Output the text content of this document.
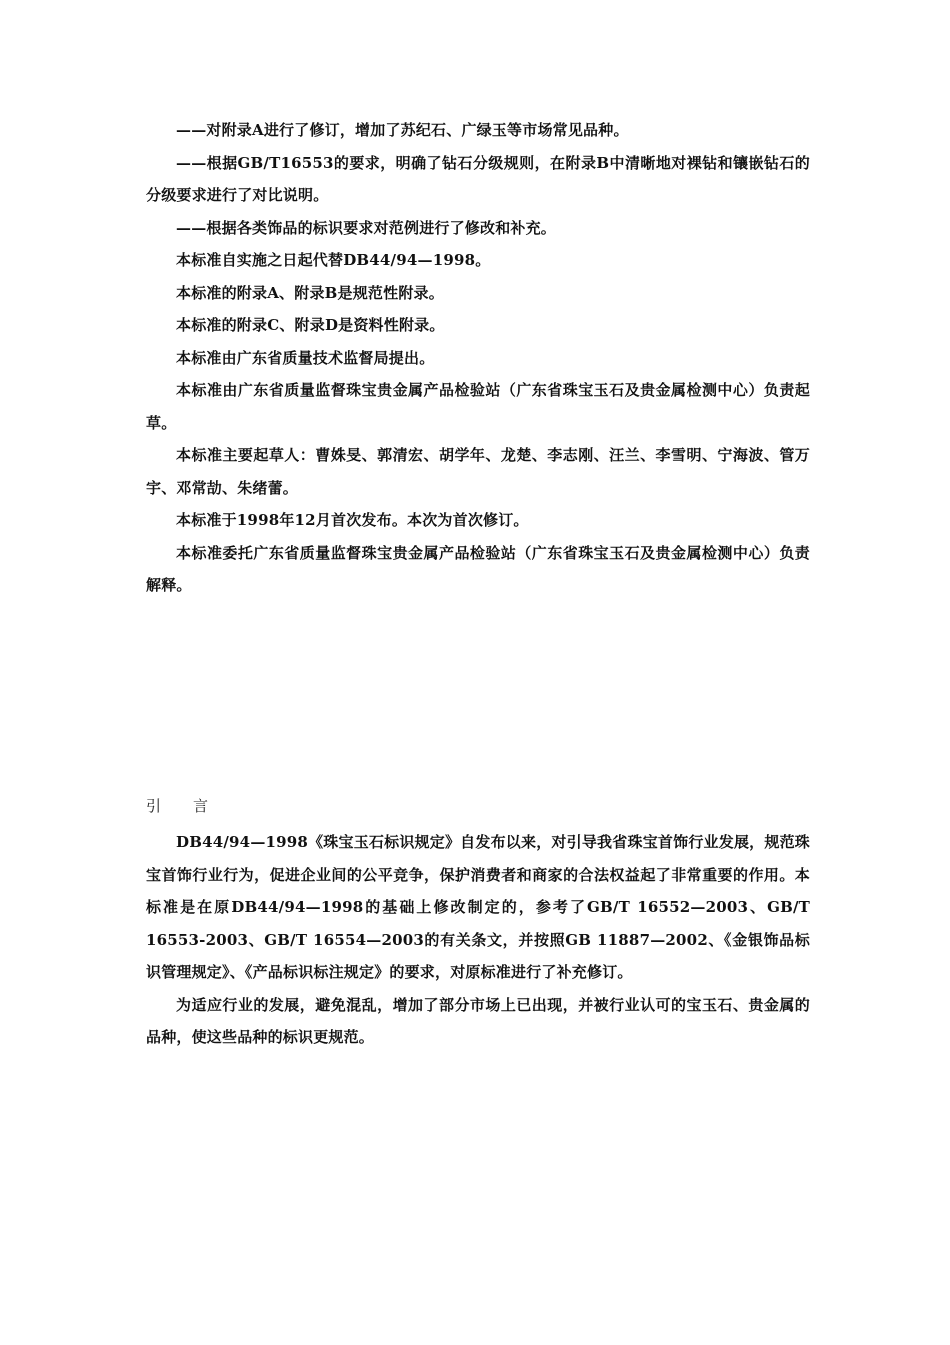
——对附录A进行了修订，增加了苏纪石、广绿玉等市场常见品种。

——根据GB/T16553的要求，明确了钻石分级规则，在附录B中清晰地对裸钻和镶嵌钻石的分级要求进行了对比说明。

——根据各类饰品的标识要求对范例进行了修改和补充。

本标准自实施之日起代替DB44/94—1998。

本标准的附录A、附录B是规范性附录。

本标准的附录C、附录D是资料性附录。

本标准由广东省质量技术监督局提出。

本标准由广东省质量监督珠宝贵金属产品检验站（广东省珠宝玉石及贵金属检测中心）负责起草。

本标准主要起草人：曹姝旻、郭清宏、胡学年、龙楚、李志刚、汪兰、李雪明、宁海波、管万宇、邓常劼、朱绪蕾。

本标准于1998年12月首次发布。本次为首次修订。

本标准委托广东省质量监督珠宝贵金属产品检验站（广东省珠宝玉石及贵金属检测中心）负责解释。

引言

DB44/94—1998《珠宝玉石标识规定》自发布以来，对引导我省珠宝首饰行业发展，规范珠宝首饰行业行为，促进企业间的公平竞争，保护消费者和商家的合法权益起了非常重要的作用。本标准是在原DB44/94—1998的基础上修改制定的，参考了GB/T 16552—2003、GB/T 16553-2003、GB/T 16554—2003的有关条文，并按照GB 11887—2002、《金银饰品标识管理规定》、《产品标识标注规定》的要求，对原标准进行了补充修订。

为适应行业的发展，避免混乱，增加了部分市场上已出现，并被行业认可的宝玉石、贵金属的品种，使这些品种的标识更规范。
